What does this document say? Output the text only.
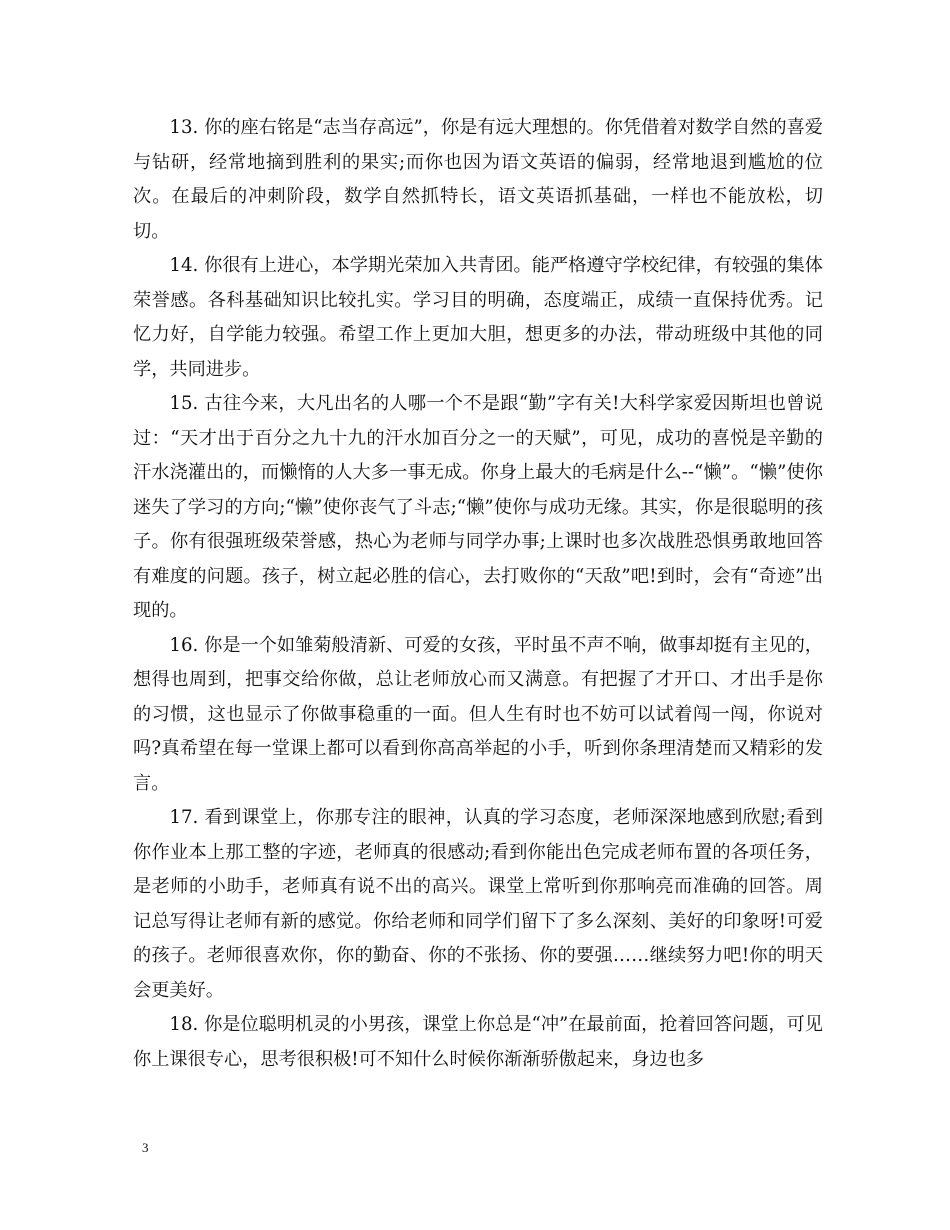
13. 你的座右铭是“志当存高远”，你是有远大理想的。你凭借着对数学自然的喜爱与钻研，经常地摘到胜利的果实;而你也因为语文英语的偏弱，经常地退到尴尬的位次。在最后的冲刺阶段，数学自然抓特长，语文英语抓基础，一样也不能放松，切切。

14. 你很有上进心，本学期光荣加入共青团。能严格遵守学校纪律，有较强的集体荣誉感。各科基础知识比较扎实。学习目的明确，态度端正，成绩一直保持优秀。记忆力好，自学能力较强。希望工作上更加大胆，想更多的办法，带动班级中其他的同学，共同进步。

15. 古往今来，大凡出名的人哪一个不是跟“勤”字有关!大科学家爱因斯坦也曾说过：“天才出于百分之九十九的汗水加百分之一的天赋”，可见，成功的喜悦是辛勤的汗水浇灌出的，而懒惰的人大多一事无成。你身上最大的毛病是什么--“懒”。“懒”使你迷失了学习的方向;“懒”使你丧气了斗志;“懒”使你与成功无缘。其实，你是很聪明的孩子。你有很强班级荣誉感，热心为老师与同学办事;上课时也多次战胜恐惧勇敢地回答有难度的问题。孩子，树立起必胜的信心，去打败你的“天敌”吧!到时，会有“奇迹”出现的。

16. 你是一个如雏菊般清新、可爱的女孩，平时虽不声不响，做事却挺有主见的，想得也周到，把事交给你做，总让老师放心而又满意。有把握了才开口、才出手是你的习惯，这也显示了你做事稳重的一面。但人生有时也不妨可以试着闯一闯，你说对吗?真希望在每一堂课上都可以看到你高高举起的小手，听到你条理清楚而又精彩的发言。

17. 看到课堂上，你那专注的眼神，认真的学习态度，老师深深地感到欣慰;看到你作业本上那工整的字迹，老师真的很感动;看到你能出色完成老师布置的各项任务，是老师的小助手，老师真有说不出的高兴。课堂上常听到你那响亮而准确的回答。周记总写得让老师有新的感觉。你给老师和同学们留下了多么深刻、美好的印象呀!可爱的孩子。老师很喜欢你，你的勤奋、你的不张扬、你的要强……继续努力吧!你的明天会更美好。

18. 你是位聪明机灵的小男孩，课堂上你总是“冲”在最前面，抢着回答问题，可见你上课很专心，思考很积极!可不知什么时候你渐渐骄傲起来，身边也多

3
